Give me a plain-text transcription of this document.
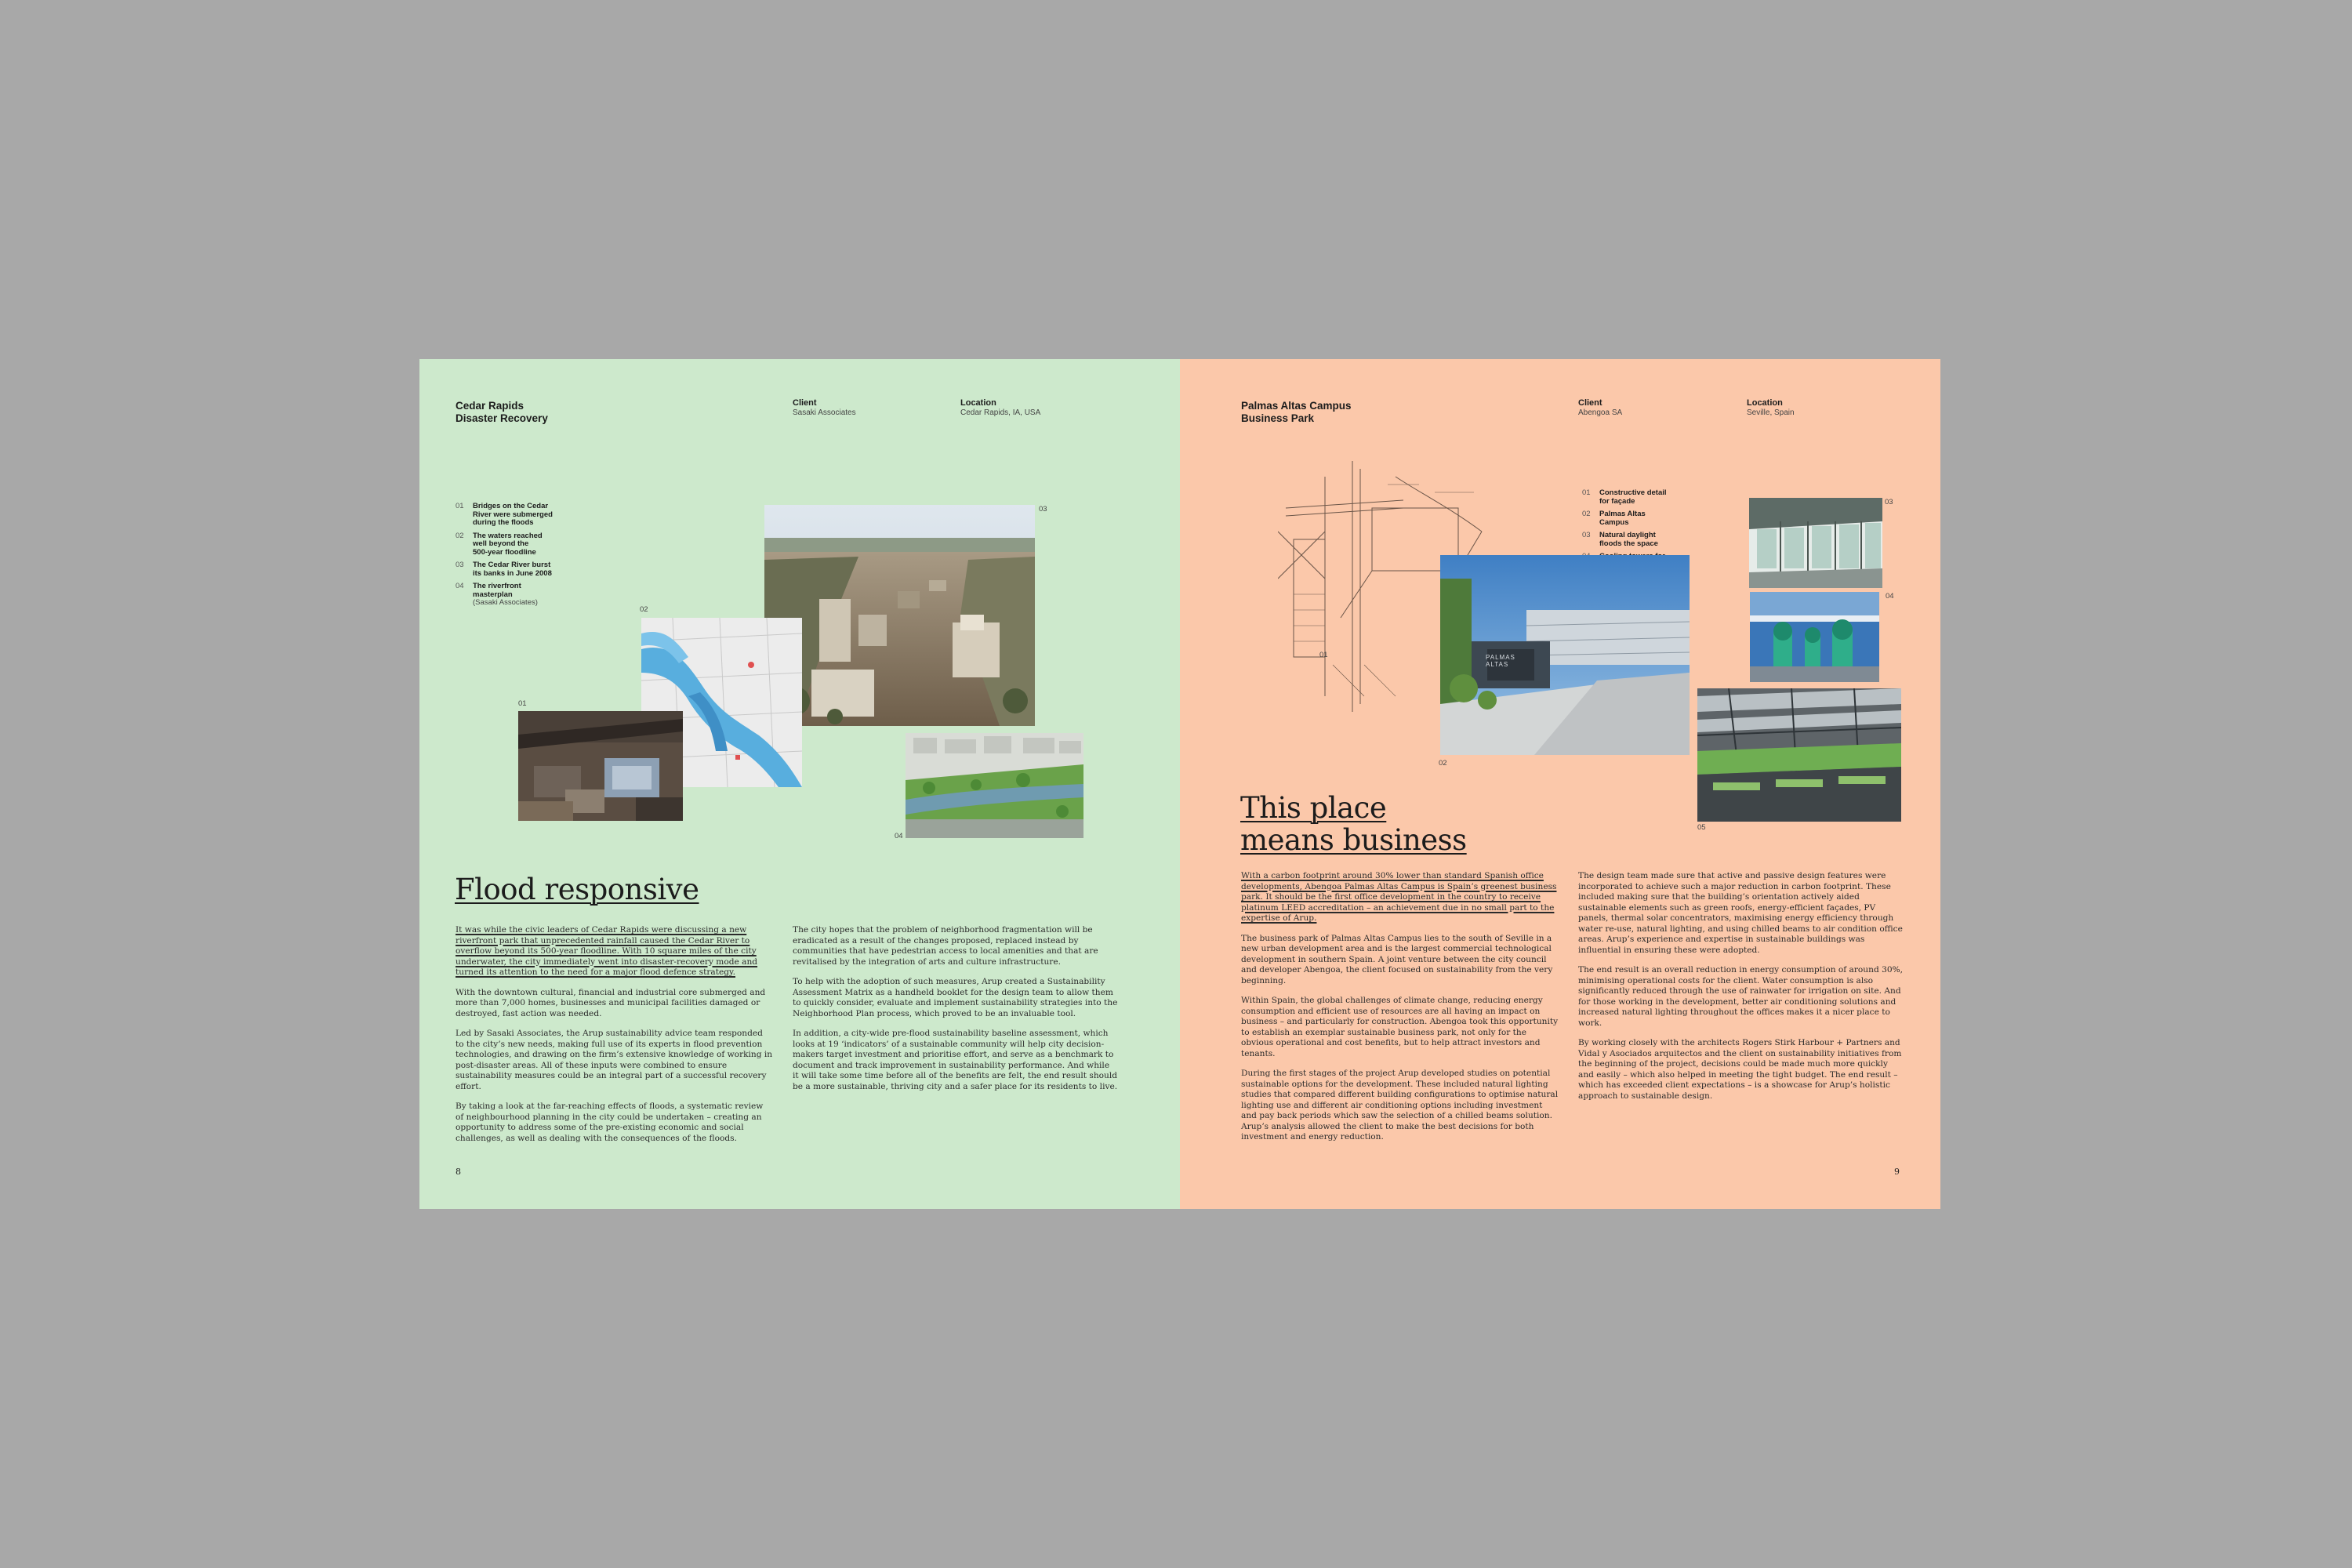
Cedar Rapids
Disaster Recovery
Client
Sasaki Associates
Location
Cedar Rapids, IA, USA
01	Bridges on the Cedar
River were submerged
during the floods
02	The waters reached
well beyond the
500-year floodline
03	The Cedar River burst
its banks in June 2008
04	The riverfront
masterplan
(Sasaki Associates)
03
02
01
04
Flood responsive

It was while the civic leaders of Cedar Rapids were discussing a new riverfront park that unprecedented rainfall caused the Cedar River to overflow beyond its 500-year floodline. With 10 square miles of the city underwater, the city immediately went into disaster-recovery mode and turned its attention to the need for a major flood defence strategy.

With the downtown cultural, financial and industrial core submerged and more than 7,000 homes, businesses and municipal facilities damaged or destroyed, fast action was needed.

Led by Sasaki Associates, the Arup sustainability advice team responded to the city’s new needs, making full use of its experts in flood prevention technologies, and drawing on the firm’s extensive knowledge of working in post-disaster areas. All of these inputs were combined to ensure sustainability measures could be an integral part of a successful recovery effort.

By taking a look at the far-reaching effects of floods, a systematic review of neighbourhood planning in the city could be undertaken – creating an opportunity to address some of the pre-existing economic and social challenges, as well as dealing with the consequences of the floods.

The city hopes that the problem of neighborhood fragmentation will be eradicated as a result of the changes proposed, replaced instead by communities that have pedestrian access to local amenities and that are revitalised by the integration of arts and culture infrastructure.

To help with the adoption of such measures, Arup created a Sustainability Assessment Matrix as a handheld booklet for the design team to allow them to quickly consider, evaluate and implement sustainability strategies into the Neighborhood Plan process, which proved to be an invaluable tool.

In addition, a city-wide pre-flood sustainability baseline assessment, which looks at 19 ‘indicators’ of a sustainable community will help city decision-makers target investment and prioritise effort, and serve as a benchmark to document and track improvement in sustainability performance. And while it will take some time before all of the benefits are felt, the end result should be a more sustainable, thriving city and a safer place for its residents to live.

8
Palmas Altas Campus
Business Park
Client
Abengoa SA
Location
Seville, Spain
01
01	Constructive detail
for façade
02	Palmas Altas
Campus
03	Natural daylight
floods the space
PALMAS
ALTAS
02
03
04
05
This place
means business

With a carbon footprint around 30% lower than standard Spanish office developments, Abengoa Palmas Altas Campus is Spain’s greenest business park. It should be the first office development in the country to receive platinum LEED accreditation – an achievement due in no small part to the expertise of Arup.

The business park of Palmas Altas Campus lies to the south of Seville in a new urban development area and is the largest commercial technological development in southern Spain. A joint venture between the city council and developer Abengoa, the client focused on sustainability from the very beginning.

Within Spain, the global challenges of climate change, reducing energy consumption and efficient use of resources are all having an impact on business – and particularly for construction. Abengoa took this opportunity to establish an exemplar sustainable business park, not only for the obvious operational and cost benefits, but to help attract investors and tenants.

During the first stages of the project Arup developed studies on potential sustainable options for the development. These included natural lighting studies that compared different building configurations to optimise natural lighting use and different air conditioning options including investment and pay back periods which saw the selection of a chilled beams solution. Arup’s analysis allowed the client to make the best decisions for both investment and energy reduction.

The design team made sure that active and passive design features were incorporated to achieve such a major reduction in carbon footprint. These included making sure that the building’s orientation actively aided sustainable elements such as green roofs, energy-efficient façades, PV panels, thermal solar concentrators, maximising energy efficiency through water re-use, natural lighting, and using chilled beams to air condition office areas. Arup’s experience and expertise in sustainable buildings was influential in ensuring these were adopted.

The end result is an overall reduction in energy consumption of around 30%, minimising operational costs for the client. Water consumption is also significantly reduced through the use of rainwater for irrigation on site. And for those working in the development, better air conditioning solutions and increased natural lighting throughout the offices makes it a nicer place to work.

By working closely with the architects Rogers Stirk Harbour + Partners and Vidal y Asociados arquitectos and the client on sustainability initiatives from the beginning of the project, decisions could be made much more quickly and easily – which also helped in meeting the tight budget. The end result – which has exceeded client expectations – is a showcase for Arup’s holistic approach to sustainable design.

9
